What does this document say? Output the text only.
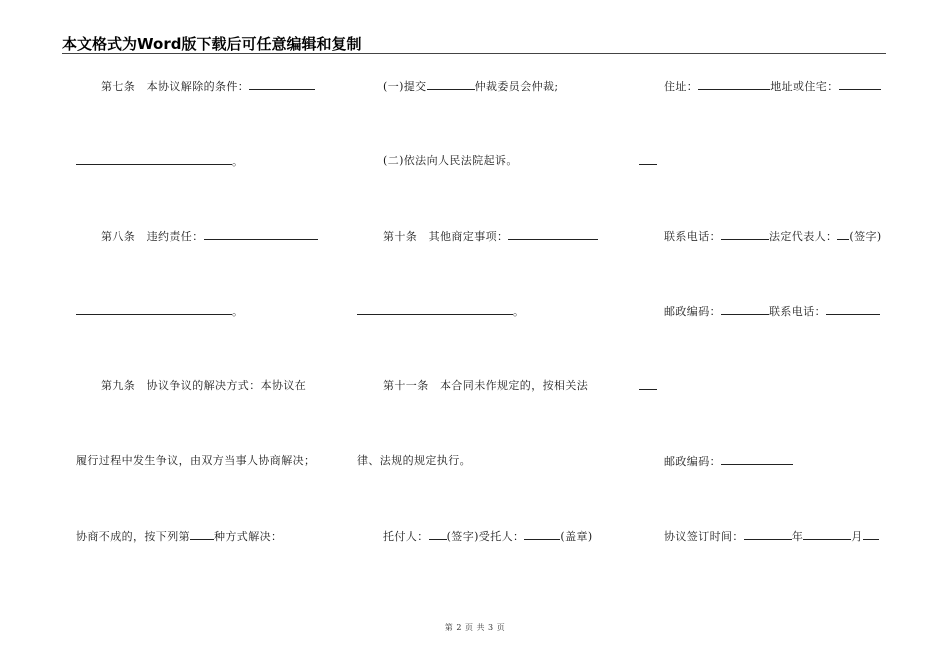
本文格式为Word版下载后可任意编辑和复制
第七条　本协议解除的条件：
。
第八条　违约责任：
。
第九条　协议争议的解决方式：本协议在
履行过程中发生争议，由双方当事人协商解决；
协商不成的，按下列第 种方式解决：
(一)提交	仲裁委员会仲裁;
(二)依法向人民法院起诉。
第十条　其他商定事项：
。
第十一条　本合同未作规定的，按相关法
律、法规的规定执行。
托付人： (签字)受托人：	(盖章)
住址：	地址或住宅：
联系电话：	法定代表人： (签字)
邮政编码：	联系电话：
邮政编码：
协议签订时间：	年	月
第 2 页 共 3 页
